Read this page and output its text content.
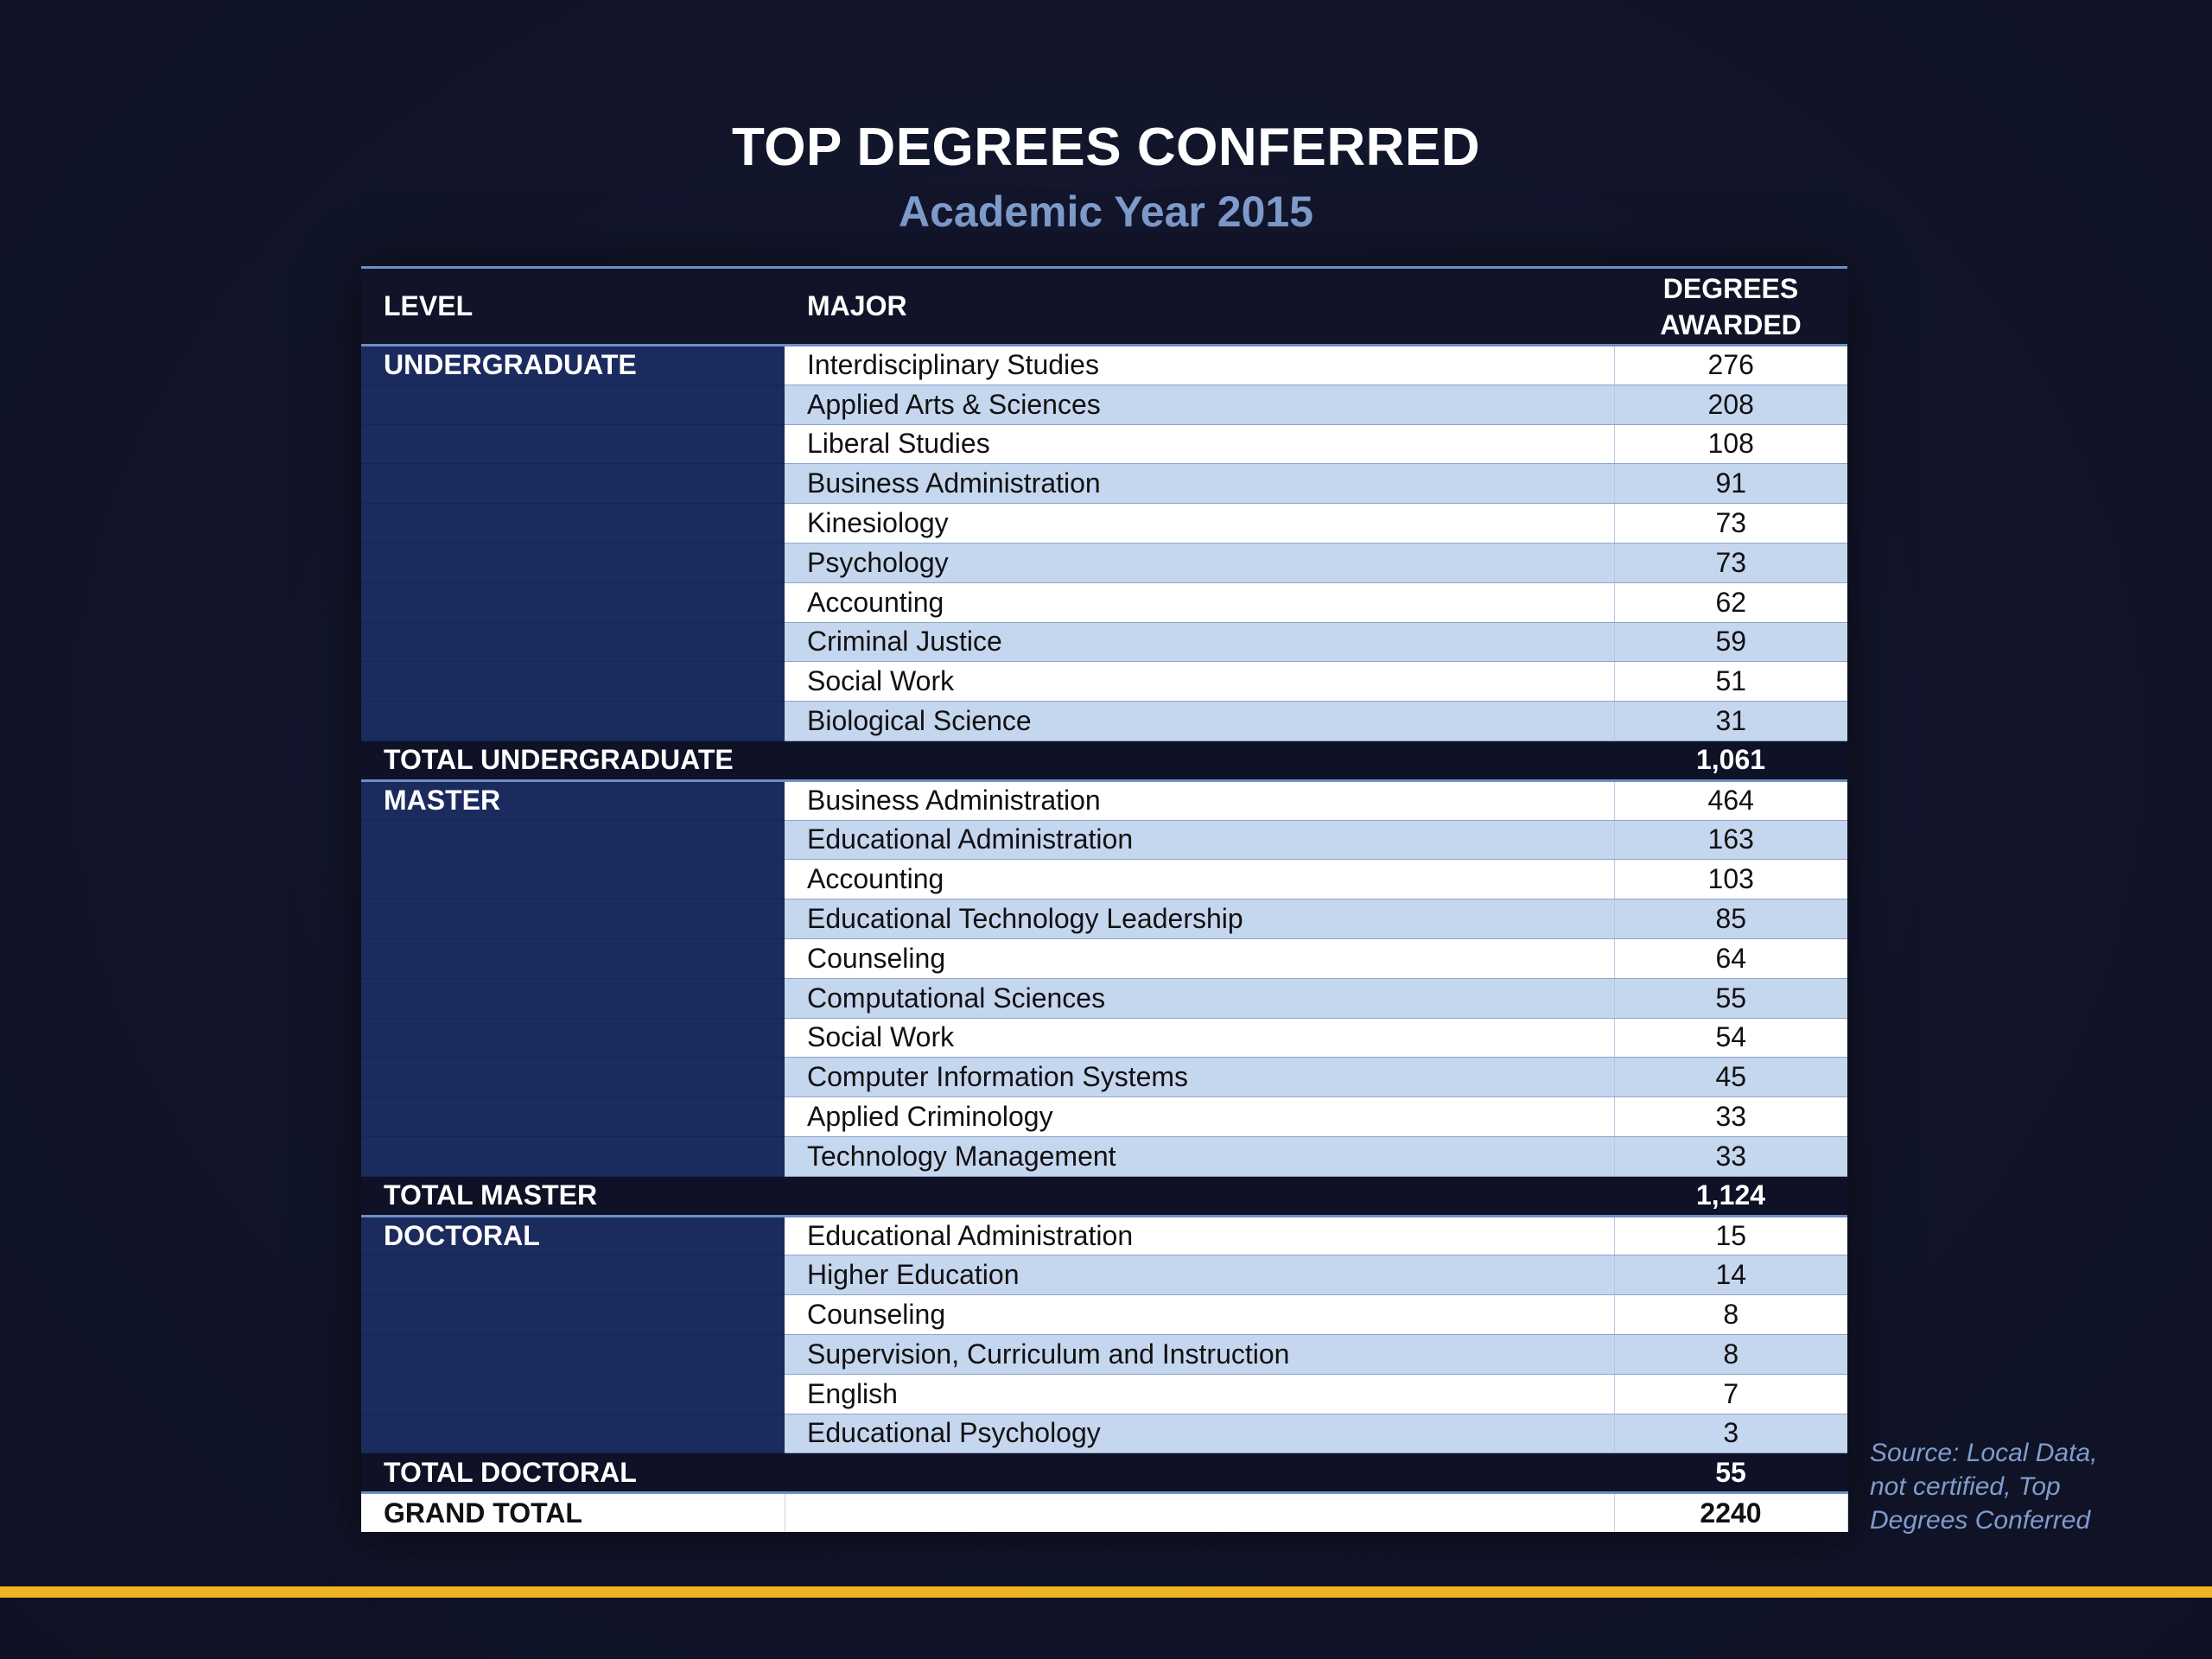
TOP DEGREES CONFERRED
Academic Year 2015
LEVEL	MAJOR	DEGREES
AWARDED
UNDERGRADUATE	Interdisciplinary Studies	276
	Applied Arts & Sciences	208
	Liberal Studies	108
	Business Administration	91
	Kinesiology	73
	Psychology	73
	Accounting	62
	Criminal Justice	59
	Social Work	51
	Biological Science	31
TOTAL UNDERGRADUATE		1,061
MASTER	Business Administration	464
	Educational Administration	163
	Accounting	103
	Educational Technology Leadership	85
	Counseling	64
	Computational Sciences	55
	Social Work	54
	Computer Information Systems	45
	Applied Criminology	33
	Technology Management	33
TOTAL MASTER		1,124
DOCTORAL	Educational Administration	15
	Higher Education	14
	Counseling	8
	Supervision, Curriculum and Instruction	8
	English	7
	Educational Psychology	3
TOTAL DOCTORAL		55
GRAND TOTAL		2240
Source: Local Data, not certified, Top Degrees Conferred
